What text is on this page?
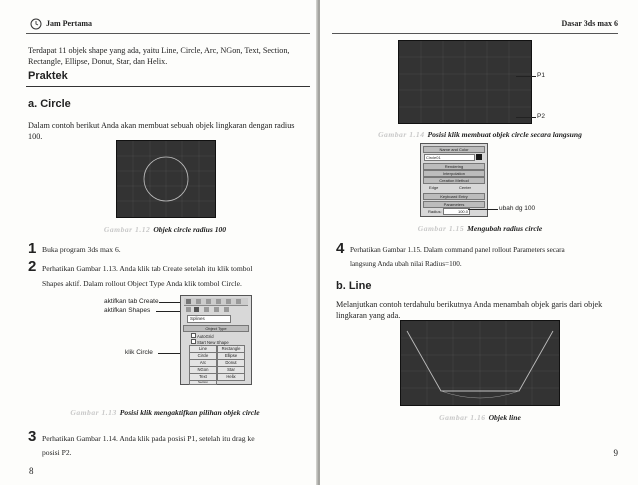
Jam Pertama
Terdapat 11 objek shape yang ada, yaitu Line, Circle, Arc, NGon, Text, Section, Rectangle, Ellipse, Donut, Star, dan Helix.
Praktek
a. Circle
Dalam contoh berikut Anda akan membuat sebuah objek lingkaran dengan radius 100.
Gambar 1.12 Objek circle radius 100
1 Buka program 3ds max 6.
2 Perhatikan Gambar 1.13. Anda klik tab Create setelah itu klik tombol
Shapes aktif. Dalam rollout Object Type Anda klik tombol Circle.
aktifkan tab Create
aktifkan Shapes
klik Circle
Splines
Object Type
AutoGrid
Start New Shape
Line	Rectangle
Circle	Ellipse
Arc	Donut
NGon	Star
Text	Helix
Section
Gambar 1.13 Posisi klik mengaktifkan pilihan objek circle
3 Perhatikan Gambar 1.14. Anda klik pada posisi P1, setelah itu drag ke
posisi P2.
8
Dasar 3ds max 6
P1
P2
Gambar 1.14 Posisi klik membuat objek circle secara langsung
Name and Color
Circle01
Rendering
Interpolation
Creation Method
Edge	Center
Keyboard Entry
Parameters
Radius:	100.0	ubah dg 100
Gambar 1.15 Mengubah radius circle
4 Perhatikan Gambar 1.15. Dalam command panel rollout Parameters secara
langsung Anda ubah nilai Radius=100.
b. Line
Melanjutkan contoh terdahulu berikutnya Anda menambah objek garis dari objek lingkaran yang ada.
Gambar 1.16 Objek line
9
